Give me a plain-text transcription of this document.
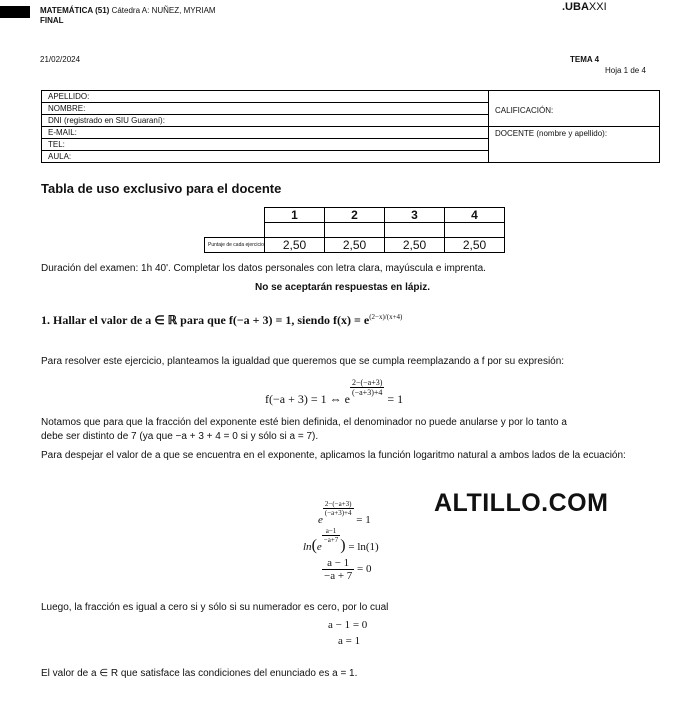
MATEMÁTICA (51) Cátedra A: NUÑEZ, MYRIAM
FINAL
.UBAXXI
21/02/2024	TEMA 4
Hoja 1 de 4
APELLIDO:	CALIFICACIÓN:

NOMBRE:	
DNI (registrado en SIU Guaraní):	
E-MAIL:	DOCENTE (nombre y apellido):
TEL:	
AULA:	
Tabla de uso exclusivo para el docente
	1	2	3	4

Puntaje de cada ejercicio	2,50	2,50	2,50	2,50
Duración del examen: 1h 40'. Completar los datos personales con letra clara, mayúscula e imprenta.
No se aceptarán respuestas en lápiz.
1. Hallar el valor de a ∈ ℝ para que f(−a + 3) = 1, siendo $f(x) = e^{(2-x)/(x+4)}$
Para resolver este ejercicio, planteamos la igualdad que queremos que se cumpla reemplazando a f por su expresión:
f(−a + 3) = 1 ⇔ e
$\frac{2-(-a+3)}{(-a+3)+4}$
= 1
Notamos que para que la fracción del exponente esté bien definida, el denominador no puede anularse y por lo tanto a
debe ser distinto de 7 (ya que −a + 3 + 4 = 0 si y sólo si a = 7).
Para despejar el valor de a que se encuentra en el exponente, aplicamos la función logaritmo natural a ambos lados de la ecuación:
e
$\frac{2-(-a+3)}{(-a+3)+4}$
= 1
ln(e
$\frac{a-1}{-a+7}$
) = ln(1)
$\frac{a - 1}{-a + 7} = 0$
ALTILLO.COM
Luego, la fracción es igual a cero si y sólo si su numerador es cero, por lo cual
a − 1 = 0
a = 1
El valor de a ∈ R que satisface las condiciones del enunciado es a = 1.
